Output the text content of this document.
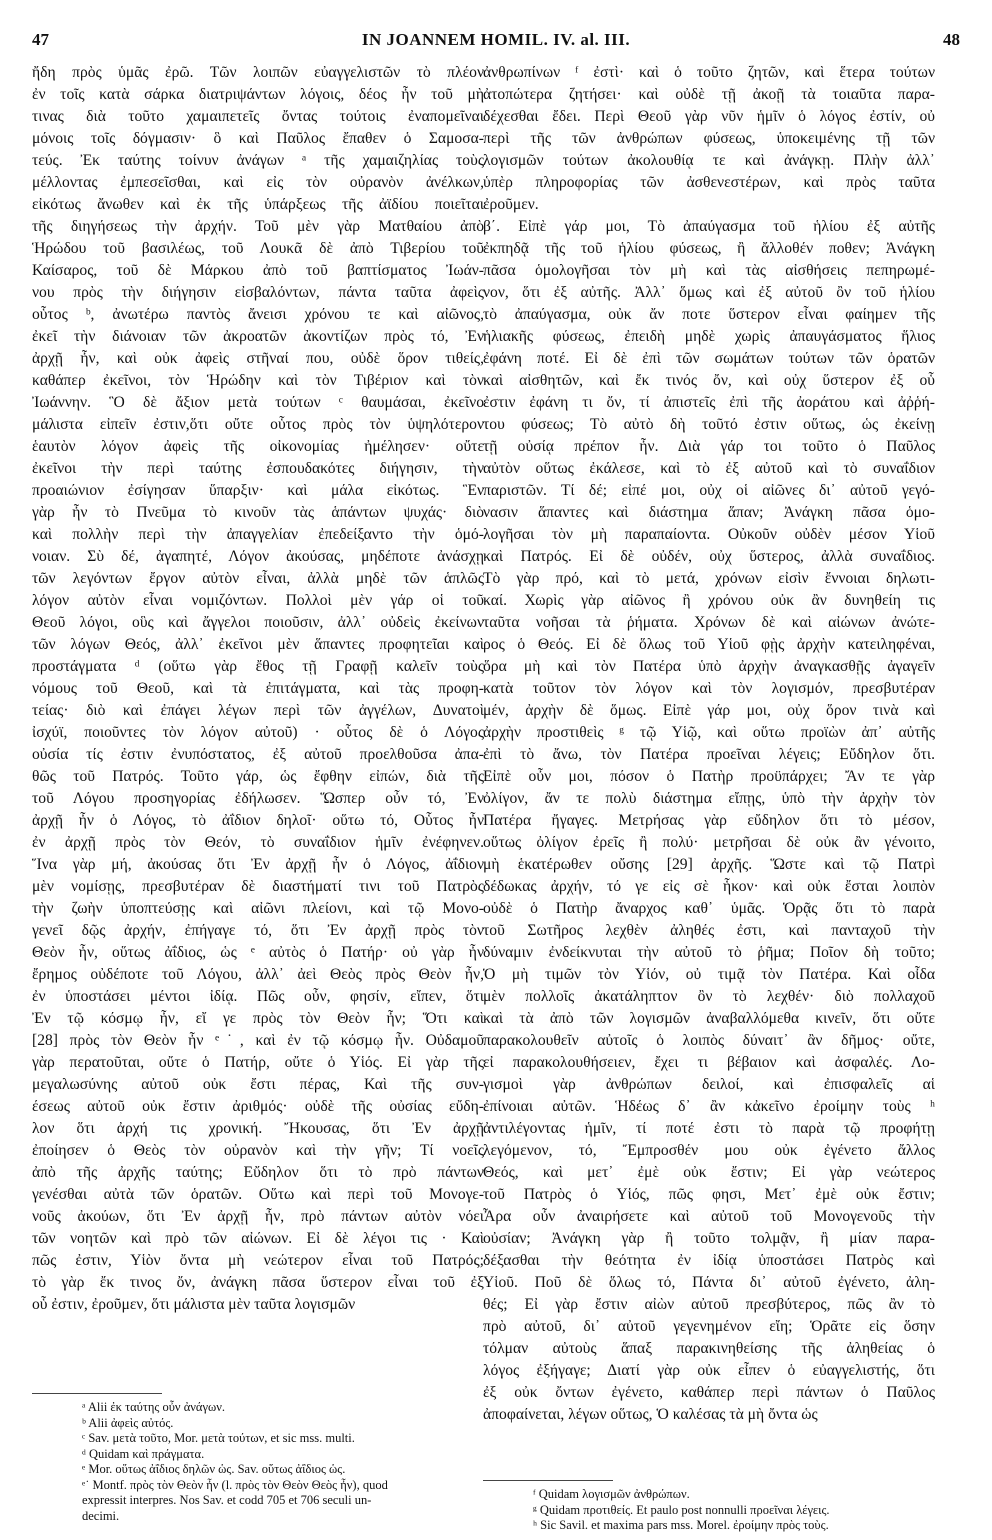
47	IN JOANNEM HOMIL. IV. al. III.	48
ἤδη πρὸς ὑμᾶς ἐρῶ. Τῶν λοιπῶν εὐαγγελιστῶν τὸ πλέον
ἐν τοῖς κατὰ σάρκα διατριψάντων λόγοις, δέος ἦν τοῦ μὴ
τινας διὰ τοῦτο χαμαιπετεῖς ὄντας τούτοις ἐναπομεῖναι
μόνοις τοῖς δόγμασιν· ὃ καὶ Παῦλος ἔπαθεν ὁ Σαμοσα-
τεύς. Ἐκ ταύτης τοίνυν ἀνάγων ᵃ τῆς χαμαιζηλίας τοὺς
μέλλοντας ἐμπεσεῖσθαι, καὶ εἰς τὸν οὐρανὸν ἀνέλκων,
εἰκότως ἄνωθεν καὶ ἐκ τῆς ὑπάρξεως τῆς ἀϊδίου ποιεῖται
τῆς διηγήσεως τὴν ἀρχήν. Τοῦ μὲν γὰρ Ματθαίου ἀπὸ
Ἡρώδου τοῦ βασιλέως, τοῦ Λουκᾶ δὲ ἀπὸ Τιβερίου τοῦ
Καίσαρος, τοῦ δὲ Μάρκου ἀπὸ τοῦ βαπτίσματος Ἰωάν-
νου πρὸς τὴν διήγησιν εἰσβαλόντων, πάντα ταῦτα ἀφεὶς
οὗτος ᵇ, ἀνωτέρω παντὸς ἄνεισι χρόνου τε καὶ αἰῶνος,
ἐκεῖ τὴν διάνοιαν τῶν ἀκροατῶν ἀκοντίζων πρὸς τό, Ἐν
ἀρχῇ ἦν, καὶ οὐκ ἀφεὶς στῆναί που, οὐδὲ ὅρον τιθείς,
καθάπερ ἐκεῖνοι, τὸν Ἡρώδην καὶ τὸν Τιβέριον καὶ τὸν
Ἰωάννην. Ὃ δὲ ἄξιον μετὰ τούτων ᶜ θαυμάσαι, ἐκεῖνο
μάλιστα εἰπεῖν ἐστιν,ὅτι οὔτε οὗτος πρὸς τὸν ὑψηλότερον
ἑαυτὸν λόγον ἀφεὶς τῆς οἰκονομίας ἠμέλησεν· οὔτε
ἐκεῖνοι τὴν περὶ ταύτης ἐσπουδακότες διήγησιν, τὴν
προαιώνιον ἐσίγησαν ὕπαρξιν· καὶ μάλα εἰκότως. Ἓν
γὰρ ἦν τὸ Πνεῦμα τὸ κινοῦν τὰς ἁπάντων ψυχάς· διὸ
καὶ πολλὴν περὶ τὴν ἀπαγγελίαν ἐπεδείξαντο τὴν ὁμό-
νοιαν. Σὺ δέ, ἀγαπητέ, Λόγον ἀκούσας, μηδέποτε ἀνάσχῃ
τῶν λεγόντων ἔργον αὐτὸν εἶναι, ἀλλὰ μηδὲ τῶν ἁπλῶς
λόγον αὐτὸν εἶναι νομιζόντων. Πολλοὶ μὲν γάρ οἱ τοῦ
Θεοῦ λόγοι, οὓς καὶ ἄγγελοι ποιοῦσιν, ἀλλ᾽ οὐδεὶς ἐκείνων
τῶν λόγων Θεός, ἀλλ᾽ ἐκεῖνοι μὲν ἅπαντες προφητεῖαι καὶ
προστάγματα ᵈ (οὕτω γὰρ ἔθος τῇ Γραφῇ καλεῖν τοὺς
νόμους τοῦ Θεοῦ, καὶ τὰ ἐπιτάγματα, καὶ τὰς προφη-
τείας· διὸ καὶ ἐπάγει λέγων περὶ τῶν ἀγγέλων, Δυνατοὶ
ἰσχύϊ, ποιοῦντες τὸν λόγον αὐτοῦ) · οὗτος δὲ ὁ Λόγος
οὐσία τίς ἐστιν ἐνυπόστατος, ἐξ αὐτοῦ προελθοῦσα ἀπα-
θῶς τοῦ Πατρός. Τοῦτο γάρ, ὡς ἔφθην εἰπών, διὰ τῆς
τοῦ Λόγου προσηγορίας ἐδήλωσεν. Ὥσπερ οὖν τό, Ἐν
ἀρχῇ ἦν ὁ Λόγος, τὸ ἀΐδιον δηλοῖ· οὕτω τό, Οὗτος ἦν
ἐν ἀρχῇ πρὸς τὸν Θεόν, τὸ συναΐδιον ἡμῖν ἐνέφηνεν.
Ἵνα γὰρ μή, ἀκούσας ὅτι Ἐν ἀρχῇ ἦν ὁ Λόγος, ἀΐδιον
μὲν νομίσῃς, πρεσβυτέραν δὲ διαστήματί τινι τοῦ Πατρὸς
τὴν ζωὴν ὑποπτεύσῃς καὶ αἰῶνι πλείονι, καὶ τῷ Μονο-
γενεῖ δῷς ἀρχήν, ἐπήγαγε τό, ὅτι Ἐν ἀρχῇ πρὸς τὸν
Θεὸν ἦν, οὕτως ἀΐδιος, ὡς ᵉ αὐτὸς ὁ Πατήρ· οὐ γὰρ ἦν
ἔρημος οὐδέποτε τοῦ Λόγου, ἀλλ᾽ ἀεὶ Θεὸς πρὸς Θεὸν ἦν,
ἐν ὑποστάσει μέντοι ἰδίᾳ. Πῶς οὖν, φησίν, εἴπεν, ὅτι
Ἐν τῷ κόσμῳ ἦν, εἴ γε πρὸς τὸν Θεὸν ἦν; Ὅτι καὶ
[28] πρὸς τὸν Θεὸν ἦν ᵉ˙, καὶ ἐν τῷ κόσμῳ ἦν. Οὐδαμοῦ
γὰρ περατοῦται, οὔτε ὁ Πατήρ, οὔτε ὁ Υἱός. Εἰ γὰρ τῆς
μεγαλωσύνης αὐτοῦ οὐκ ἔστι πέρας, Καὶ τῆς συν-
έσεως αὐτοῦ οὐκ ἔστιν ἀριθμός· οὐδὲ τῆς οὐσίας εὔδη-
λον ὅτι ἀρχή τις χρονική. Ἤκουσας, ὅτι Ἐν ἀρχῇ
ἐποίησεν ὁ Θεὸς τὸν οὐρανὸν καὶ τὴν γῆν; Τί νοεῖς
ἀπὸ τῆς ἀρχῆς ταύτης; Εὔδηλον ὅτι τὸ πρὸ πάντων
γενέσθαι αὐτὰ τῶν ὁρατῶν. Οὕτω καὶ περὶ τοῦ Μονογε-
νοῦς ἀκούων, ὅτι Ἐν ἀρχῇ ἦν, πρὸ πάντων αὐτὸν νόει
τῶν νοητῶν καὶ πρὸ τῶν αἰώνων. Εἰ δὲ λέγοι τις · Καὶ
πῶς ἐστιν, Υἱὸν ὄντα μὴ νεώτερον εἶναι τοῦ Πατρός;
τὸ γὰρ ἔκ τινος ὄν, ἀνάγκη πᾶσα ὕστερον εἶναι τοῦ ἐξ
οὗ ἐστιν, ἐροῦμεν, ὅτι μάλιστα μὲν ταῦτα λογισμῶν
ἀνθρωπίνων ᶠ ἐστὶ· καὶ ὁ τοῦτο ζητῶν, καὶ ἕτερα τούτων
ἀτοπώτερα ζητήσει· καὶ οὐδὲ τῇ ἀκοῇ τὰ τοιαῦτα παρα-
δέχεσθαι ἔδει. Περὶ Θεοῦ γὰρ νῦν ἡμῖν ὁ λόγος ἐστίν, οὐ
περὶ τῆς τῶν ἀνθρώπων φύσεως, ὑποκειμένης τῇ τῶν
λογισμῶν τούτων ἀκολουθίᾳ τε καὶ ἀνάγκῃ. Πλὴν ἀλλ᾽
ὑπὲρ πληροφορίας τῶν ἀσθενεστέρων, καὶ πρὸς ταῦτα
ἐροῦμεν.
β΄. Εἰπὲ γάρ μοι, Τὸ ἀπαύγασμα τοῦ ἡλίου ἐξ αὐτῆς
ἐκπηδᾷ τῆς τοῦ ἡλίου φύσεως, ἢ ἄλλοθέν ποθεν; Ἀνάγκη
πᾶσα ὁμολογῆσαι τὸν μὴ καὶ τὰς αἰσθήσεις πεπηρωμέ-
νον, ὅτι ἐξ αὐτῆς. Ἀλλ᾽ ὅμως καὶ ἐξ αὐτοῦ ὂν τοῦ ἡλίου
τὸ ἀπαύγασμα, οὐκ ἄν ποτε ὕστερον εἶναι φαίημεν τῆς
ἡλιακῆς φύσεως, ἐπειδὴ μηδὲ χωρὶς ἀπαυγάσματος ἥλιος
ἐφάνη ποτέ. Εἰ δὲ ἐπὶ τῶν σωμάτων τούτων τῶν ὁρατῶν
καὶ αἰσθητῶν, καὶ ἔκ τινός ὄν, καὶ οὐχ ὕστερον ἐξ οὗ
ἐστιν ἐφάνη τι ὄν, τί ἀπιστεῖς ἐπὶ τῆς ἀοράτου καὶ ἀῤῥή-
του φύσεως; Τὸ αὐτὸ δὴ τοῦτό ἐστιν οὕτως, ὡς ἐκείνῃ
τῇ οὐσίᾳ πρέπον ἦν. Διὰ γάρ τοι τοῦτο ὁ Παῦλος
αὐτὸν οὕτως ἐκάλεσε, καὶ τὸ ἐξ αὐτοῦ καὶ τὸ συναΐδιον
παριστῶν. Τί δέ; εἰπέ μοι, οὐχ οἱ αἰῶνες δι᾽ αὐτοῦ γεγό-
νασιν ἅπαντες καὶ διάστημα ἅπαν; Ἀνάγκη πᾶσα ὁμο-
λογῆσαι τὸν μὴ παραπαίοντα. Οὐκοῦν οὐδὲν μέσον Υἱοῦ
καὶ Πατρός. Εἰ δὲ οὐδέν, οὐχ ὕστερος, ἀλλὰ συναΐδιος.
Τὸ γὰρ πρό, καὶ τὸ μετά, χρόνων εἰσὶν ἔννοιαι δηλωτι-
καί. Χωρὶς γὰρ αἰῶνος ἢ χρόνου οὐκ ἂν δυνηθείη τις
ταῦτα νοῆσαι τὰ ῥήματα. Χρόνων δὲ καὶ αἰώνων ἀνώτε-
ρος ὁ Θεός. Εἰ δὲ ὅλως τοῦ Υἱοῦ φῂς ἀρχὴν κατειληφέναι,
ὅρα μὴ καὶ τὸν Πατέρα ὑπὸ ἀρχὴν ἀναγκασθῇς ἀγαγεῖν
κατὰ τοῦτον τὸν λόγον καὶ τὸν λογισμόν, πρεσβυτέραν
μέν, ἀρχὴν δὲ ὅμως. Εἰπὲ γάρ μοι, οὐχ ὅρον τινὰ καὶ
ἀρχὴν προστιθεὶς ᵍ τῷ Υἱῷ, καὶ οὕτω προϊὼν ἀπ᾽ αὐτῆς
ἐπὶ τὸ ἄνω, τὸν Πατέρα προεῖναι λέγεις; Εὔδηλον ὅτι.
Εἰπὲ οὖν μοι, πόσον ὁ Πατὴρ προϋπάρχει; Ἄν τε γὰρ
ὀλίγον, ἄν τε πολὺ διάστημα εἴπῃς, ὑπὸ τὴν ἀρχὴν τὸν
Πατέρα ἤγαγες. Μετρήσας γὰρ εὔδηλον ὅτι τὸ μέσον,
οὕτως ὀλίγον ἐρεῖς ἢ πολύ· μετρῆσαι δὲ οὐκ ἂν γένοιτο,
μὴ ἑκατέρωθεν οὔσης [29] ἀρχῆς. Ὥστε καὶ τῷ Πατρὶ
δέδωκας ἀρχήν, τό γε εἰς σὲ ἧκον· καὶ οὐκ ἔσται λοιπὸν
οὐδὲ ὁ Πατὴρ ἄναρχος καθ᾽ ὑμᾶς. Ὁρᾷς ὅτι τὸ παρὰ
τοῦ Σωτῆρος λεχθὲν ἀληθές ἐστι, καὶ πανταχοῦ τὴν
δύναμιν ἐνδείκνυται τὴν αὐτοῦ τὸ ῥῆμα; Ποῖον δὴ τοῦτο;
Ὁ μὴ τιμῶν τὸν Υἱόν, οὐ τιμᾷ τὸν Πατέρα. Καὶ οἶδα
μὲν πολλοῖς ἀκατάληπτον ὂν τὸ λεχθέν· διὸ πολλαχοῦ
καὶ τὰ ἀπὸ τῶν λογισμῶν ἀναβαλλόμεθα κινεῖν, ὅτι οὔτε
παρακολουθεῖν αὐτοῖς ὁ λοιπὸς δύναιτ᾽ ἂν δῆμος· οὔτε,
εἰ παρακολουθήσειεν, ἔχει τι βέβαιον καὶ ἀσφαλές. Λο-
γισμοὶ γὰρ ἀνθρώπων δειλοί, καὶ ἐπισφαλεῖς αἱ
ἐπίνοιαι αὐτῶν. Ἡδέως δ᾽ ἂν κἀκεῖνο ἐροίμην τοὺς ʰ
ἀντιλέγοντας ἡμῖν, τί ποτέ ἐστι τὸ παρὰ τῷ προφήτῃ
λεγόμενον, τό, Ἔμπροσθέν μου οὐκ ἐγένετο ἄλλος
Θεός, καὶ μετ᾽ ἐμὲ οὐκ ἔστιν; Εἰ γὰρ νεώτερος
τοῦ Πατρὸς ὁ Υἱός, πῶς φησι, Μετ᾽ ἐμὲ οὐκ ἔστιν;
Ἆρα οὖν ἀναιρήσετε καὶ αὐτοῦ τοῦ Μονογενοῦς τὴν
οὐσίαν; Ἀνάγκη γὰρ ἢ τοῦτο τολμᾷν, ἢ μίαν παρα-
δέξασθαι τὴν θεότητα ἐν ἰδίᾳ ὑποστάσει Πατρὸς καὶ
Υἱοῦ. Ποῦ δὲ ὅλως τό, Πάντα δι᾽ αὐτοῦ ἐγένετο, ἀλη-
θές; Εἰ γὰρ ἔστιν αἰὼν αὐτοῦ πρεσβύτερος, πῶς ἂν τὸ
πρὸ αὐτοῦ, δι᾽ αὐτοῦ γεγενημένον εἴη; Ὁρᾶτε εἰς ὅσην
τόλμαν αὐτοὺς ἅπαξ παρακινηθείσης τῆς ἀληθείας ὁ
λόγος ἐξήγαγε; Διατί γὰρ οὐκ εἶπεν ὁ εὐαγγελιστής, ὅτι
ἐξ οὐκ ὄντων ἐγένετο, καθάπερ περὶ πάντων ὁ Παῦλος
ἀποφαίνεται, λέγων οὕτως, Ὁ καλέσας τὰ μὴ ὄντα ὡς
ᵃ Alii ἐκ ταύτης οὖν ἀνάγων.
ᵇ Alii ἀφεὶς αὐτός.
ᶜ Sav. μετὰ τοῦτο, Mor. μετὰ τούτων, et sic mss. multi.
ᵈ Quidam καὶ πράγματα.
ᵉ Mor. οὕτως ἀΐδιος δηλῶν ὡς. Sav. οὕτως ἀΐδιος ὡς.
ᵉ˙ Montf. πρὸς τὸν Θεὸν ἦν (l. πρὸς τὸν Θεὸν Θεὸς ἦν), quod
expressit interpres. Nos Sav. et codd 705 et 706 seculi un-
decimi.
ᶠ Quidam λογισμῶν ἀνθρώπων.
ᵍ Quidam προτιθείς. Et paulo post nonnulli προεῖναι λέγεις.
ʰ Sic Savil. et maxima pars mss. Morel. ἐροίμην πρὸς τοὺς.
